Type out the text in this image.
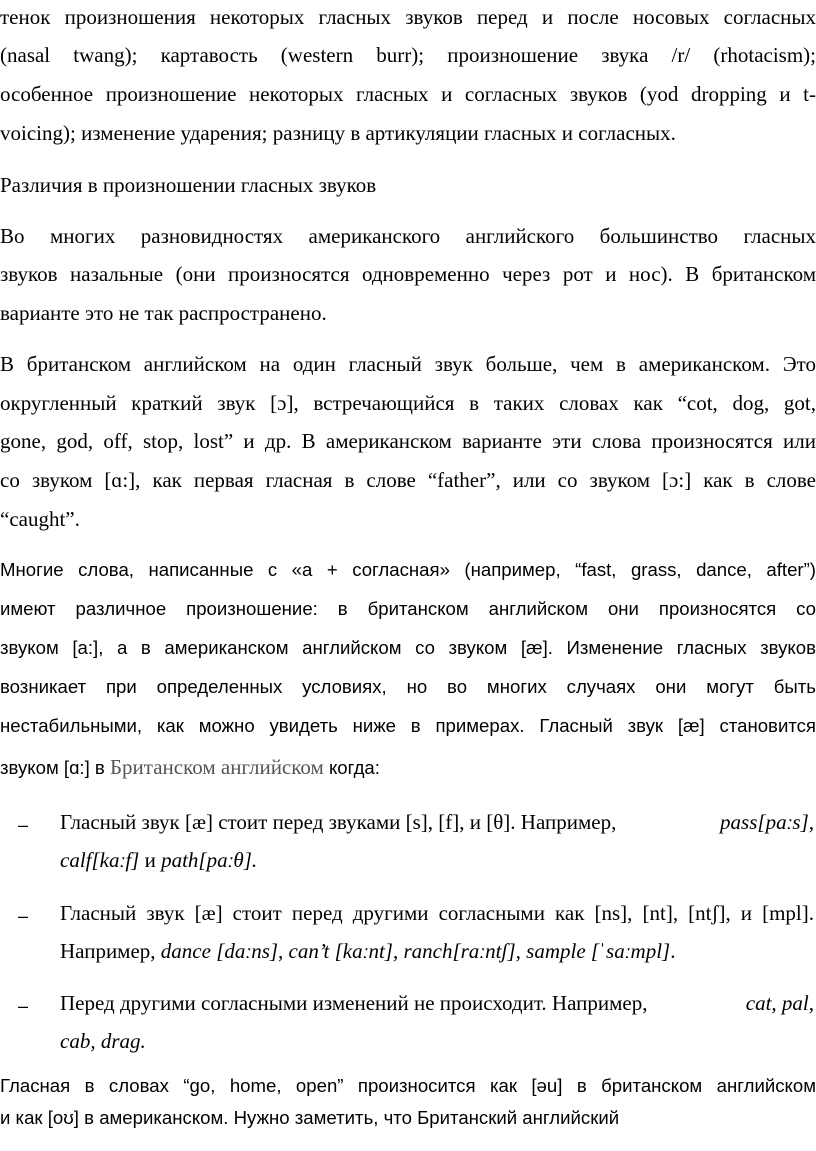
тенок произношения некоторых гласных звуков перед и после носовых согласных
(nasal twang); картавость (western burr); произношение звука /r/ (rhotacism);
особенное произношение некоторых гласных и согласных звуков (yod dropping и t-
voicing); изменение ударения; разницу в артикуляции гласных и согласных.
Различия в произношении гласных звуков
Во многих разновидностях американского английского большинство гласных
звуков назальные (они произносятся одновременно через рот и нос). В британском
варианте это не так распространено.
В британском английском на один гласный звук больше, чем в американском. Это
округленный краткий звук [ɔ], встречающийся в таких словах как “cot, dog, got,
gone, god, off, stop, lost” и др. В американском варианте эти слова произносятся или
со звуком [ɑ:], как первая гласная в слове “father”, или со звуком [ɔ:] как в слове
“caught”.
Многие слова, написанные с «a + согласная» (например, “fast, grass, dance, after”)
имеют различное произношение: в британском английском они произносятся со
звуком [a:], а в американском английском со звуком [æ]. Изменение гласных звуков
возникает при определенных условиях, но во многих случаях они могут быть
нестабильными, как можно увидеть ниже в примерах. Гласный звук [æ] становится
звуком [ɑ:] в Британском английском когда:
– Гласный звук [æ] стоит перед звуками [s], [f], и [θ]. Например,	pass[paːs],
calf[kaːf] и path[paːθ].
– Гласный звук [æ] стоит перед другими согласными как [ns], [nt], [ntʃ], и [mpl].
Например, dance [daːns], can’t [kaːnt], ranch[raːntʃ], sample [ˈsaːmpl].
– Перед другими согласными изменений не происходит. Например,	cat, pal,
cab, drag.
Гласная в словах “go, home, open” произносится как [əu] в британском английском
и как [oʊ] в американском. Нужно заметить, что Британский английский
